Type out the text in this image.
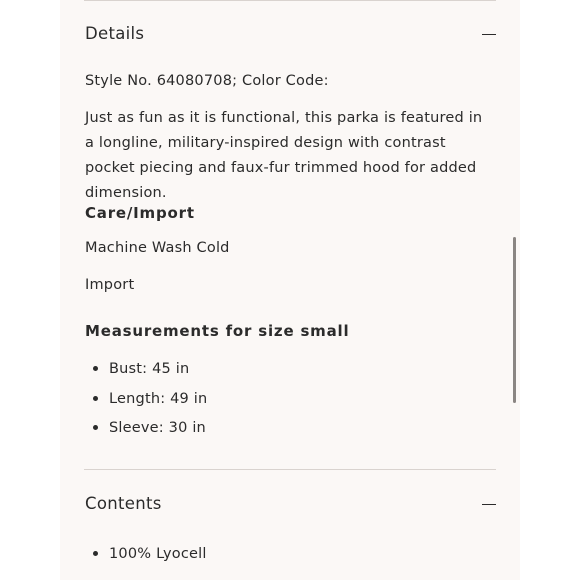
Details
Style No. 64080708; Color Code:
Just as fun as it is functional, this parka is featured in a longline, military-inspired design with contrast pocket piecing and faux-fur trimmed hood for added dimension.
Care/Import
Machine Wash Cold
Import
Measurements for size small
Bust: 45 in
Length: 49 in
Sleeve: 30 in
Contents
100% Lyocell
